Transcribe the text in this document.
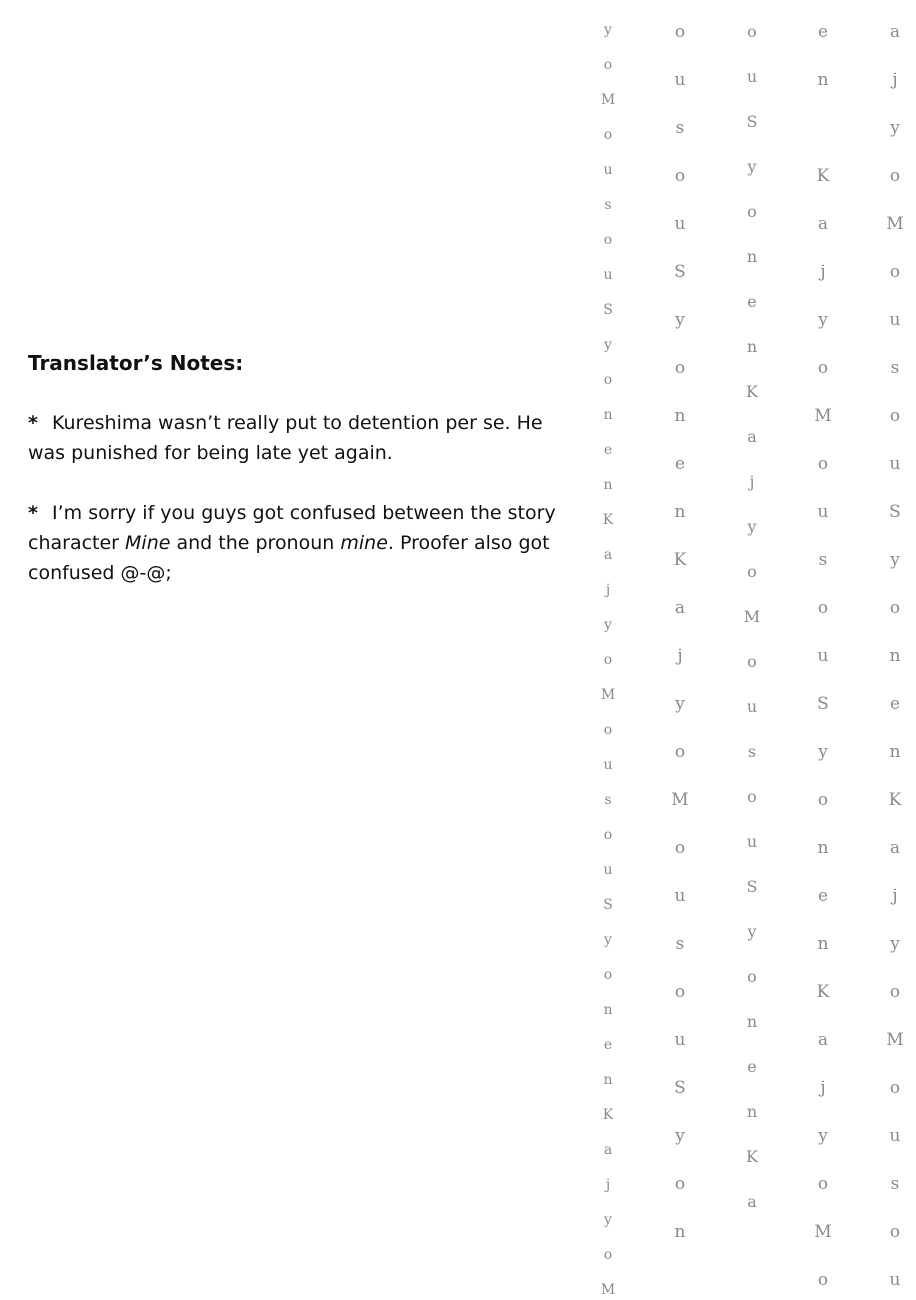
Translator’s Notes:
* Kureshima wasn’t really put to detention per se. He was punished for being late yet again.
* I’m sorry if you guys got confused between the story character Mine and the pronoun mine. Proofer also got confused @-@;
y
o
M
o
u
s
o
u
S
y
o
n
e
n
K
a
j
y
o
M
o
u
s
o
u
S
y
o
n
e
n
K
a
j
y
o
M
o
u
s
o
u
S
y
o
n
e
n
K
a
j
y
o
M
o
u
s
o
u
S
y
o
n
o
u
S
y
o
n
e
n
K
a
j
y
o
M
o
u
s
o
u
S
y
o
n
e
n
K
a
e
n
K
a
j
y
o
M
o
u
s
o
u
S
y
o
n
e
n
K
a
j
y
o
M
o
a
j
y
o
M
o
u
s
o
u
S
y
o
n
e
n
K
a
j
y
o
M
o
u
s
o
u
